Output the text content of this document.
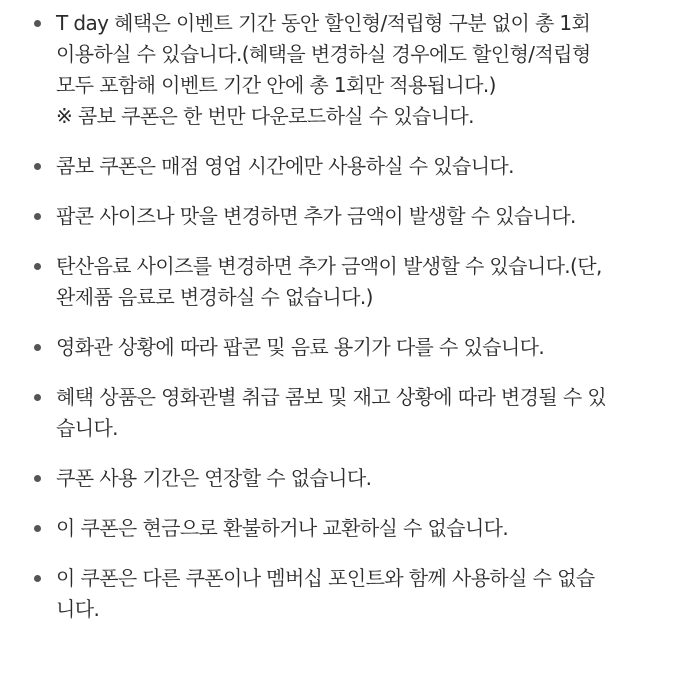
T day 혜택은 이벤트 기간 동안 할인형/적립형 구분 없이 총 1회
이용하실 수 있습니다.(혜택을 변경하실 경우에도 할인형/적립형
모두 포함해 이벤트 기간 안에 총 1회만 적용됩니다.)
※ 콤보 쿠폰은 한 번만 다운로드하실 수 있습니다.
콤보 쿠폰은 매점 영업 시간에만 사용하실 수 있습니다.
팝콘 사이즈나 맛을 변경하면 추가 금액이 발생할 수 있습니다.
탄산음료 사이즈를 변경하면 추가 금액이 발생할 수 있습니다.(단,
완제품 음료로 변경하실 수 없습니다.)
영화관 상황에 따라 팝콘 및 음료 용기가 다를 수 있습니다.
혜택 상품은 영화관별 취급 콤보 및 재고 상황에 따라 변경될 수 있
습니다.
쿠폰 사용 기간은 연장할 수 없습니다.
이 쿠폰은 현금으로 환불하거나 교환하실 수 없습니다.
이 쿠폰은 다른 쿠폰이나 멤버십 포인트와 함께 사용하실 수 없습
니다.
